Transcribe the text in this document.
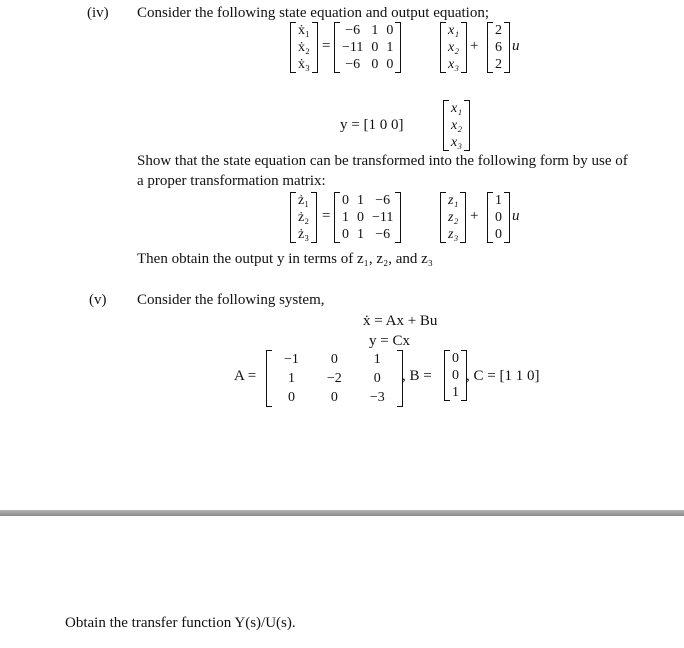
(iv) Consider the following state equation and output equation;
ẋ₁
ẋ₂
ẋ₃
=
−6	1	0
−11	0	1
−6	0	0
x₁
x₂
x₃
+
2
6
2
u
y = [1 0 0]
x₁
x₂
x₃
Show that the state equation can be transformed into the following form by use of
a proper transformation matrix:
ż₁
ż₂
ż₃
=
0	1	−6
1	0	−11
0	1	−6
z₁
z₂
z₃
+
1
0
0
u
Then obtain the output y in terms of z₁, z₂, and z₃
(v) Consider the following system,
ẋ = Ax + Bu
y = Cx
A =
−1	0	1
1	−2	0
0	0	−3
, B =
0
0
1
, C = [1 1 0]
Obtain the transfer function Y(s)/U(s).
